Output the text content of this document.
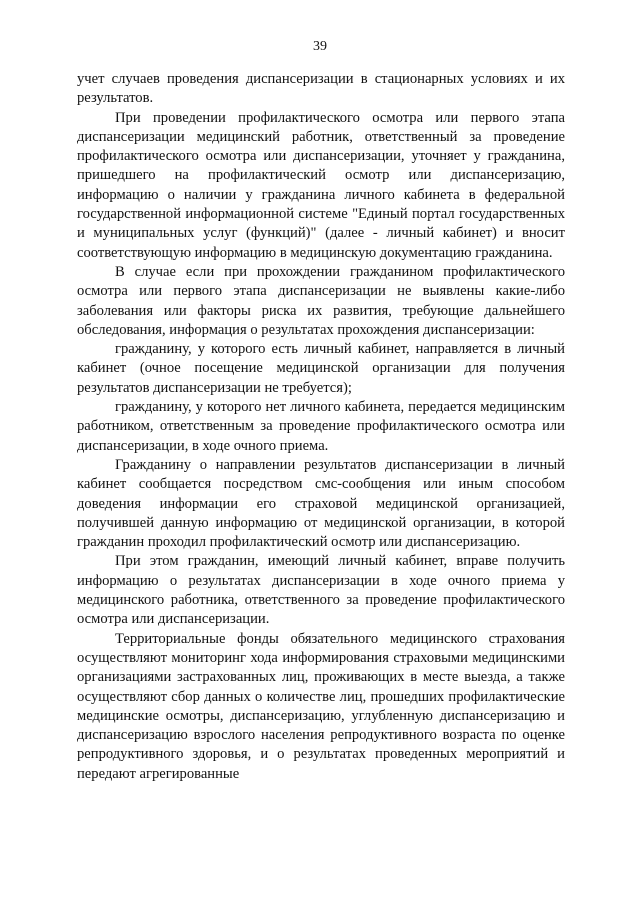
39

учет случаев проведения диспансеризации в стационарных условиях и их результатов.

При проведении профилактического осмотра или первого этапа диспансеризации медицинский работник, ответственный за проведение профилактического осмотра или диспансеризации, уточняет у гражданина, пришедшего на профилактический осмотр или диспансеризацию, информацию о наличии у гражданина личного кабинета в федеральной государственной информационной системе "Единый портал государственных и муниципальных услуг (функций)" (далее - личный кабинет) и вносит соответствующую информацию в медицинскую документацию гражданина.

В случае если при прохождении гражданином профилактического осмотра или первого этапа диспансеризации не выявлены какие-либо заболевания или факторы риска их развития, требующие дальнейшего обследования, информация о результатах прохождения диспансеризации:

гражданину, у которого есть личный кабинет, направляется в личный кабинет (очное посещение медицинской организации для получения результатов диспансеризации не требуется);

гражданину, у которого нет личного кабинета, передается медицинским работником, ответственным за проведение профилактического осмотра или диспансеризации, в ходе очного приема.

Гражданину о направлении результатов диспансеризации в личный кабинет сообщается посредством смс-сообщения или иным способом доведения информации его страховой медицинской организацией, получившей данную информацию от медицинской организации, в которой гражданин проходил профилактический осмотр или диспансеризацию.

При этом гражданин, имеющий личный кабинет, вправе получить информацию о результатах диспансеризации в ходе очного приема у медицинского работника, ответственного за проведение профилактического осмотра или диспансеризации.

Территориальные фонды обязательного медицинского страхования осуществляют мониторинг хода информирования страховыми медицинскими организациями застрахованных лиц, проживающих в месте выезда, а также осуществляют сбор данных о количестве лиц, прошедших профилактические медицинские осмотры, диспансеризацию, углубленную диспансеризацию и диспансеризацию взрослого населения репродуктивного возраста по оценке репродуктивного здоровья, и о результатах проведенных мероприятий и передают агрегированные
